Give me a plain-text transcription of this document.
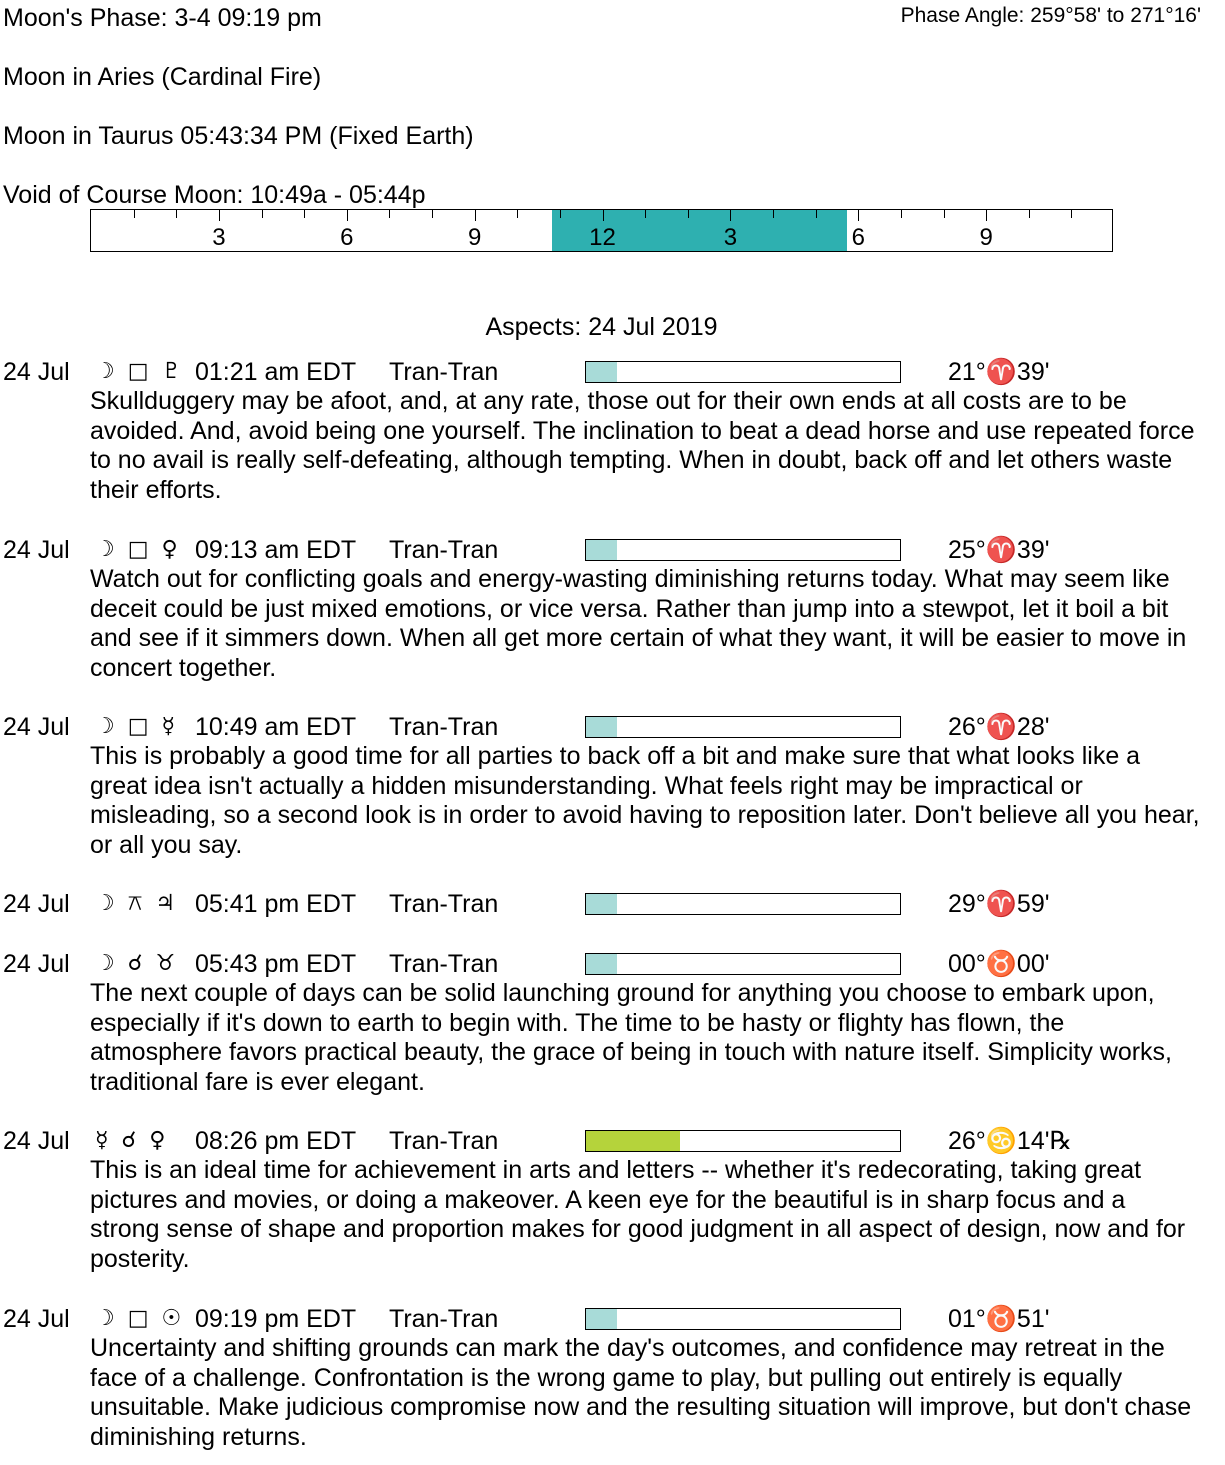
Moon's Phase: 3-4 09:19 pm	Phase Angle: 259°58' to 271°16'
Moon in Aries (Cardinal Fire)
Moon in Taurus 05:43:34 PM (Fixed Earth)
Void of Course Moon: 10:49a - 05:44p
3	6	9	12	3	6	9
Aspects: 24 Jul 2019
24 Jul ☽ □ ♇ 01:21 am EDT Tran-Tran	21°♈39'
Skullduggery may be afoot, and, at any rate, those out for their own ends at all costs are to be avoided. And, avoid being one yourself. The inclination to beat a dead horse and use repeated force to no avail is really self-defeating, although tempting. When in doubt, back off and let others waste their efforts.
24 Jul ☽ □ ♀ 09:13 am EDT Tran-Tran	25°♈39'
Watch out for conflicting goals and energy-wasting diminishing returns today. What may seem like deceit could be just mixed emotions, or vice versa. Rather than jump into a stewpot, let it boil a bit and see if it simmers down. When all get more certain of what they want, it will be easier to move in concert together.
24 Jul ☽ □ ☿ 10:49 am EDT Tran-Tran	26°♈28'
This is probably a good time for all parties to back off a bit and make sure that what looks like a great idea isn't actually a hidden misunderstanding. What feels right may be impractical or misleading, so a second look is in order to avoid having to reposition later. Don't believe all you hear, or all you say.
24 Jul ☽ ⚻ ♃ 05:41 pm EDT Tran-Tran	29°♈59'
24 Jul ☽ ☌ ♉ 05:43 pm EDT Tran-Tran	00°♉00'
The next couple of days can be solid launching ground for anything you choose to embark upon, especially if it's down to earth to begin with. The time to be hasty or flighty has flown, the atmosphere favors practical beauty, the grace of being in touch with nature itself. Simplicity works, traditional fare is ever elegant.
24 Jul ☿ ☌ ♀ 08:26 pm EDT Tran-Tran	26°♋14'℞
This is an ideal time for achievement in arts and letters -- whether it's redecorating, taking great pictures and movies, or doing a makeover. A keen eye for the beautiful is in sharp focus and a strong sense of shape and proportion makes for good judgment in all aspect of design, now and for posterity.
24 Jul ☽ □ ☉ 09:19 pm EDT Tran-Tran	01°♉51'
Uncertainty and shifting grounds can mark the day's outcomes, and confidence may retreat in the face of a challenge. Confrontation is the wrong game to play, but pulling out entirely is equally unsuitable. Make judicious compromise now and the resulting situation will improve, but don't chase diminishing returns.
